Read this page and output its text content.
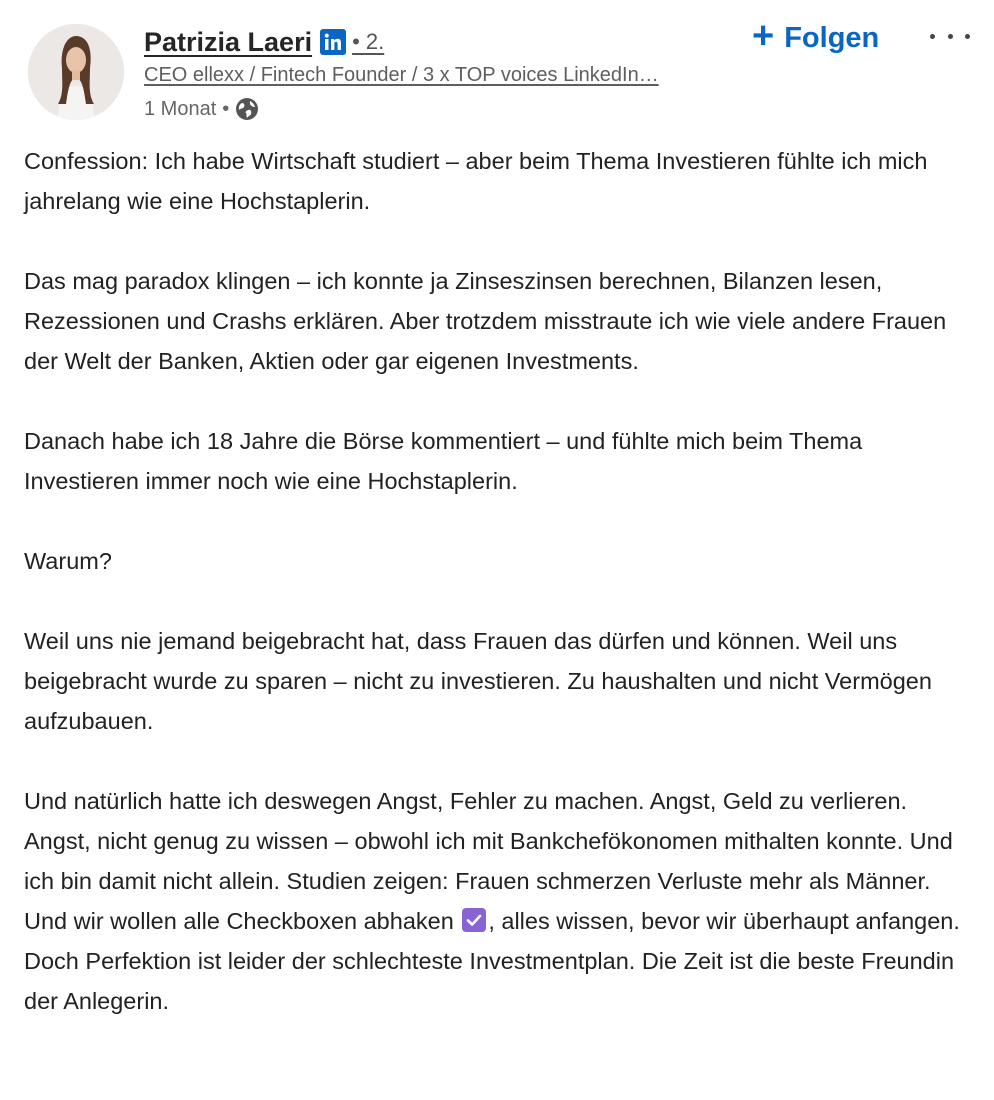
Patrizia Laeri • 2.
CEO ellexx / Fintech Founder / 3 x TOP voices LinkedIn…
1 Monat •
+ Folgen

Confession: Ich habe Wirtschaft studiert – aber beim Thema Investieren fühlte ich mich jahrelang wie eine Hochstaplerin.

Das mag paradox klingen – ich konnte ja Zinseszinsen berechnen, Bilanzen lesen, Rezessionen und Crashs erklären. Aber trotzdem misstraute ich wie viele andere Frauen der Welt der Banken, Aktien oder gar eigenen Investments.

Danach habe ich 18 Jahre die Börse kommentiert – und fühlte mich beim Thema Investieren immer noch wie eine Hochstaplerin.

Warum?

Weil uns nie jemand beigebracht hat, dass Frauen das dürfen und können. Weil uns beigebracht wurde zu sparen – nicht zu investieren. Zu haushalten und nicht Vermögen aufzubauen.

Und natürlich hatte ich deswegen Angst, Fehler zu machen. Angst, Geld zu verlieren. Angst, nicht genug zu wissen – obwohl ich mit Bankchefökonomen mithalten konnte. Und ich bin damit nicht allein. Studien zeigen: Frauen schmerzen Verluste mehr als Männer. Und wir wollen alle Checkboxen abhaken
, alles wissen, bevor wir überhaupt anfangen. Doch Perfektion ist leider der schlechteste Investmentplan. Die Zeit ist die beste Freundin der Anlegerin.
